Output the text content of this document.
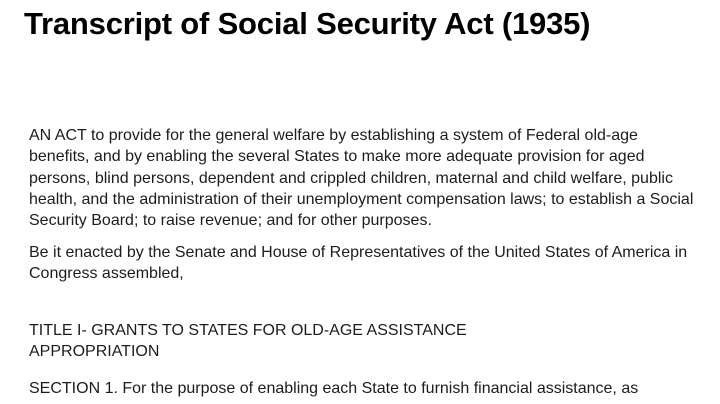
Transcript of Social Security Act (1935)

AN ACT to provide for the general welfare by establishing a system of Federal old-age benefits, and by enabling the several States to make more adequate provision for aged persons, blind persons, dependent and crippled children, maternal and child welfare, public health, and the administration of their unemployment compensation laws; to establish a Social Security Board; to raise revenue; and for other purposes.

Be it enacted by the Senate and House of Representatives of the United States of America in Congress assembled,

TITLE I- GRANTS TO STATES FOR OLD-AGE ASSISTANCE
APPROPRIATION

SECTION 1. For the purpose of enabling each State to furnish financial assistance, as
